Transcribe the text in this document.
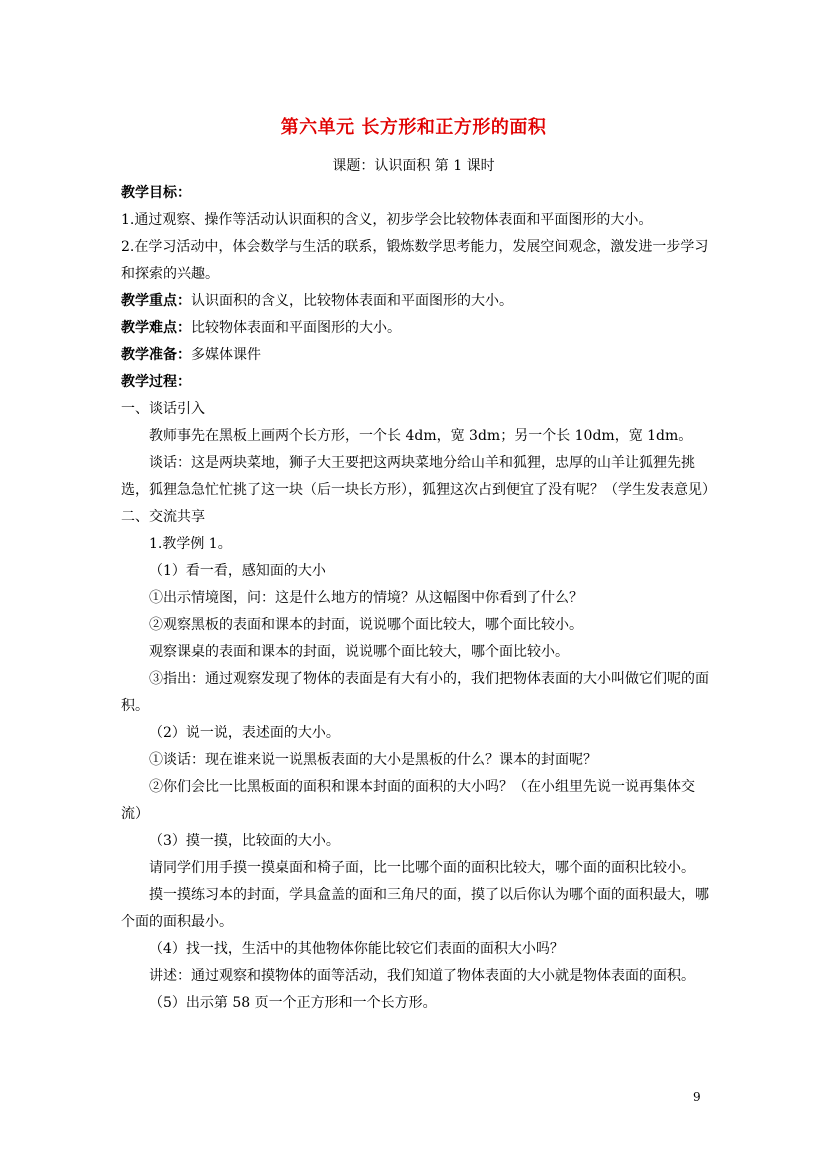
第六单元 长方形和正方形的面积
课题：认识面积 第 1 课时

教学目标：

1.通过观察、操作等活动认识面积的含义，初步学会比较物体表面和平面图形的大小。

2.在学习活动中，体会数学与生活的联系，锻炼数学思考能力，发展空间观念，激发进一步学习和探索的兴趣。

教学重点：认识面积的含义，比较物体表面和平面图形的大小。

教学难点：比较物体表面和平面图形的大小。

教学准备：多媒体课件

教学过程：

一、谈话引入

教师事先在黑板上画两个长方形，一个长 4dm，宽 3dm；另一个长 10dm，宽 1dm。

谈话：这是两块菜地，狮子大王要把这两块菜地分给山羊和狐狸，忠厚的山羊让狐狸先挑选，狐狸急急忙忙挑了这一块（后一块长方形），狐狸这次占到便宜了没有呢？（学生发表意见）

二、交流共享

1.教学例 1。

（1）看一看，感知面的大小

①出示情境图，问：这是什么地方的情境？从这幅图中你看到了什么？

②观察黑板的表面和课本的封面，说说哪个面比较大，哪个面比较小。

观察课桌的表面和课本的封面，说说哪个面比较大，哪个面比较小。

③指出：通过观察发现了物体的表面是有大有小的，我们把物体表面的大小叫做它们呢的面积。

（2）说一说，表述面的大小。

①谈话：现在谁来说一说黑板表面的大小是黑板的什么？课本的封面呢？

②你们会比一比黑板面的面积和课本封面的面积的大小吗？（在小组里先说一说再集体交流）

（3）摸一摸，比较面的大小。

请同学们用手摸一摸桌面和椅子面，比一比哪个面的面积比较大，哪个面的面积比较小。

摸一摸练习本的封面，学具盒盖的面和三角尺的面，摸了以后你认为哪个面的面积最大，哪个面的面积最小。

（4）找一找，生活中的其他物体你能比较它们表面的面积大小吗？

讲述：通过观察和摸物体的面等活动，我们知道了物体表面的大小就是物体表面的面积。

（5）出示第 58 页一个正方形和一个长方形。

9
